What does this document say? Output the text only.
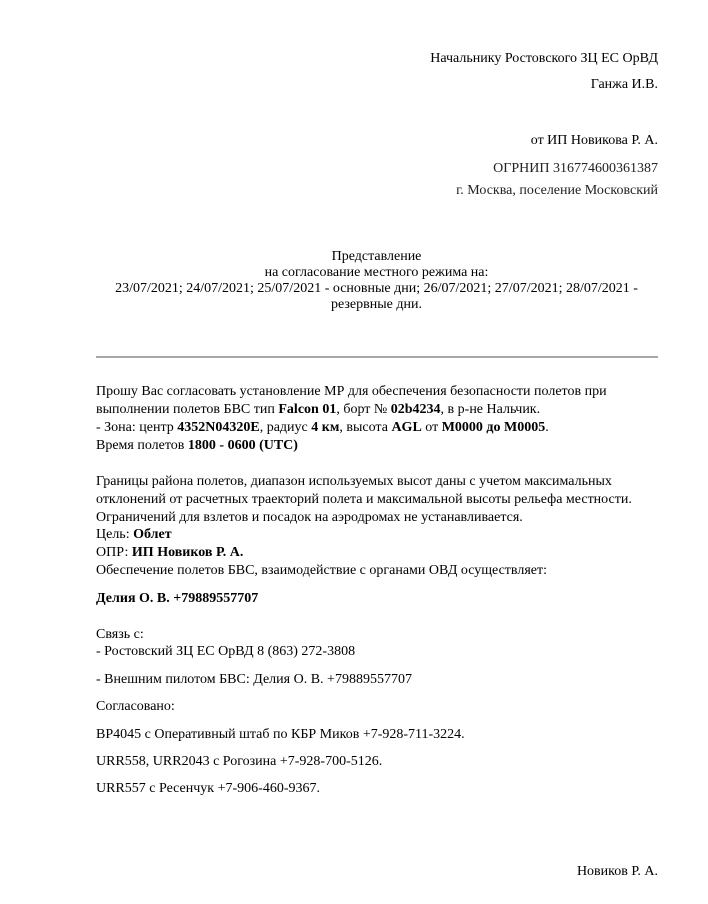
Начальнику Ростовского ЗЦ ЕС ОрВД
Ганжа И.В.
от ИП Новикова Р. А.
ОГРНИП 316774600361387
г. Москва, поселение Московский
Представление
на согласование местного режима на:
23/07/2021; 24/07/2021; 25/07/2021 - основные дни; 26/07/2021; 27/07/2021; 28/07/2021 -
резервные дни.
Прошу Вас согласовать установление МР для обеспечения безопасности полетов при
выполнении полетов БВС тип Falcon 01, борт № 02b4234, в р-не Нальчик.
- Зона: центр 4352N04320E, радиус 4 км, высота AGL от М0000 до М0005.
Время полетов 1800 - 0600 (UTC)
Границы района полетов, диапазон используемых высот даны с учетом максимальных
отклонений от расчетных траекторий полета и максимальной высоты рельефа местности.
Ограничений для взлетов и посадок на аэродромах не устанавливается.
Цель: Облет
ОПР: ИП Новиков Р. А.
Обеспечение полетов БВС, взаимодействие с органами ОВД осуществляет:
Делия О. В. +79889557707
Связь с:
- Ростовский ЗЦ ЕС ОрВД 8 (863) 272-3808
- Внешним пилотом БВС: Делия О. В. +79889557707
Согласовано:
BP4045 с Оперативный штаб по КБР Миков +7-928-711-3224.
URR558, URR2043 с Рогозина +7-928-700-5126.
URR557 с Ресенчук +7-906-460-9367.
Новиков Р. А.
